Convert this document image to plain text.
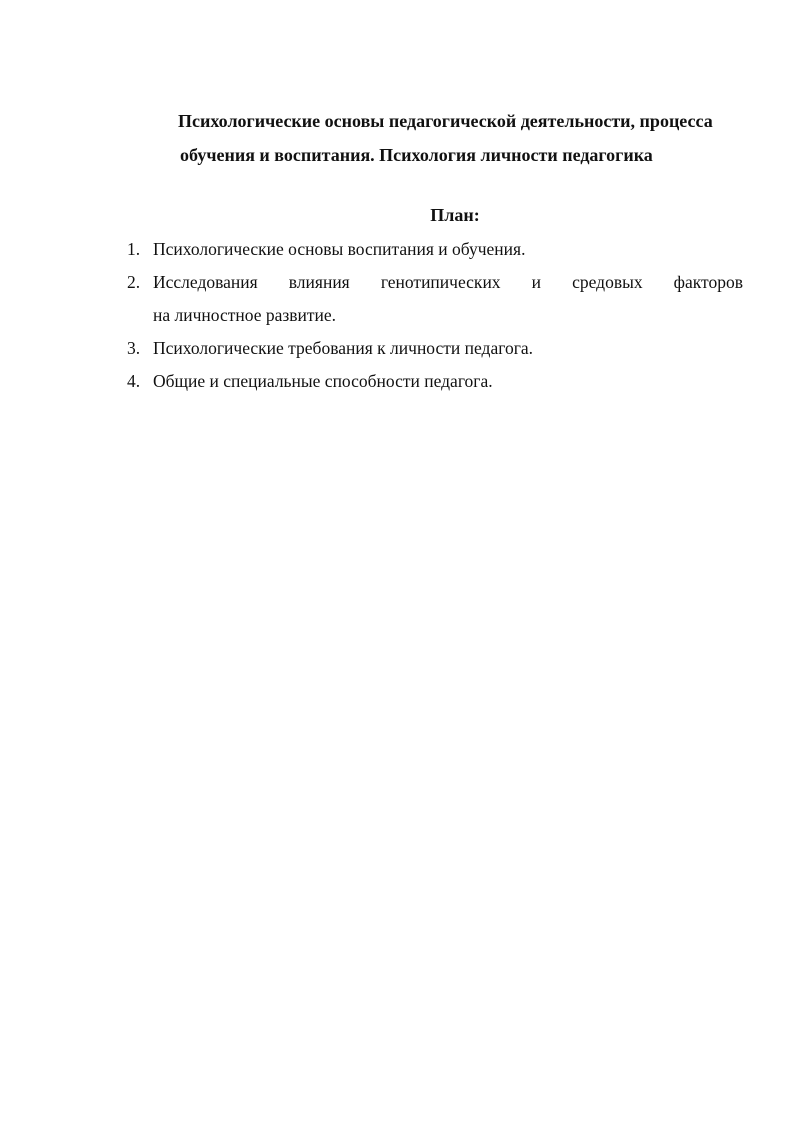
Психологические основы педагогической деятельности, процесса
обучения и воспитания. Психология личности педагогика
План:
1. Психологические основы воспитания и обучения.
2. Исследования влияния генотипических и средовых факторов
на личностное развитие.
3. Психологические требования к личности педагога.
4. Общие и специальные способности педагога.
